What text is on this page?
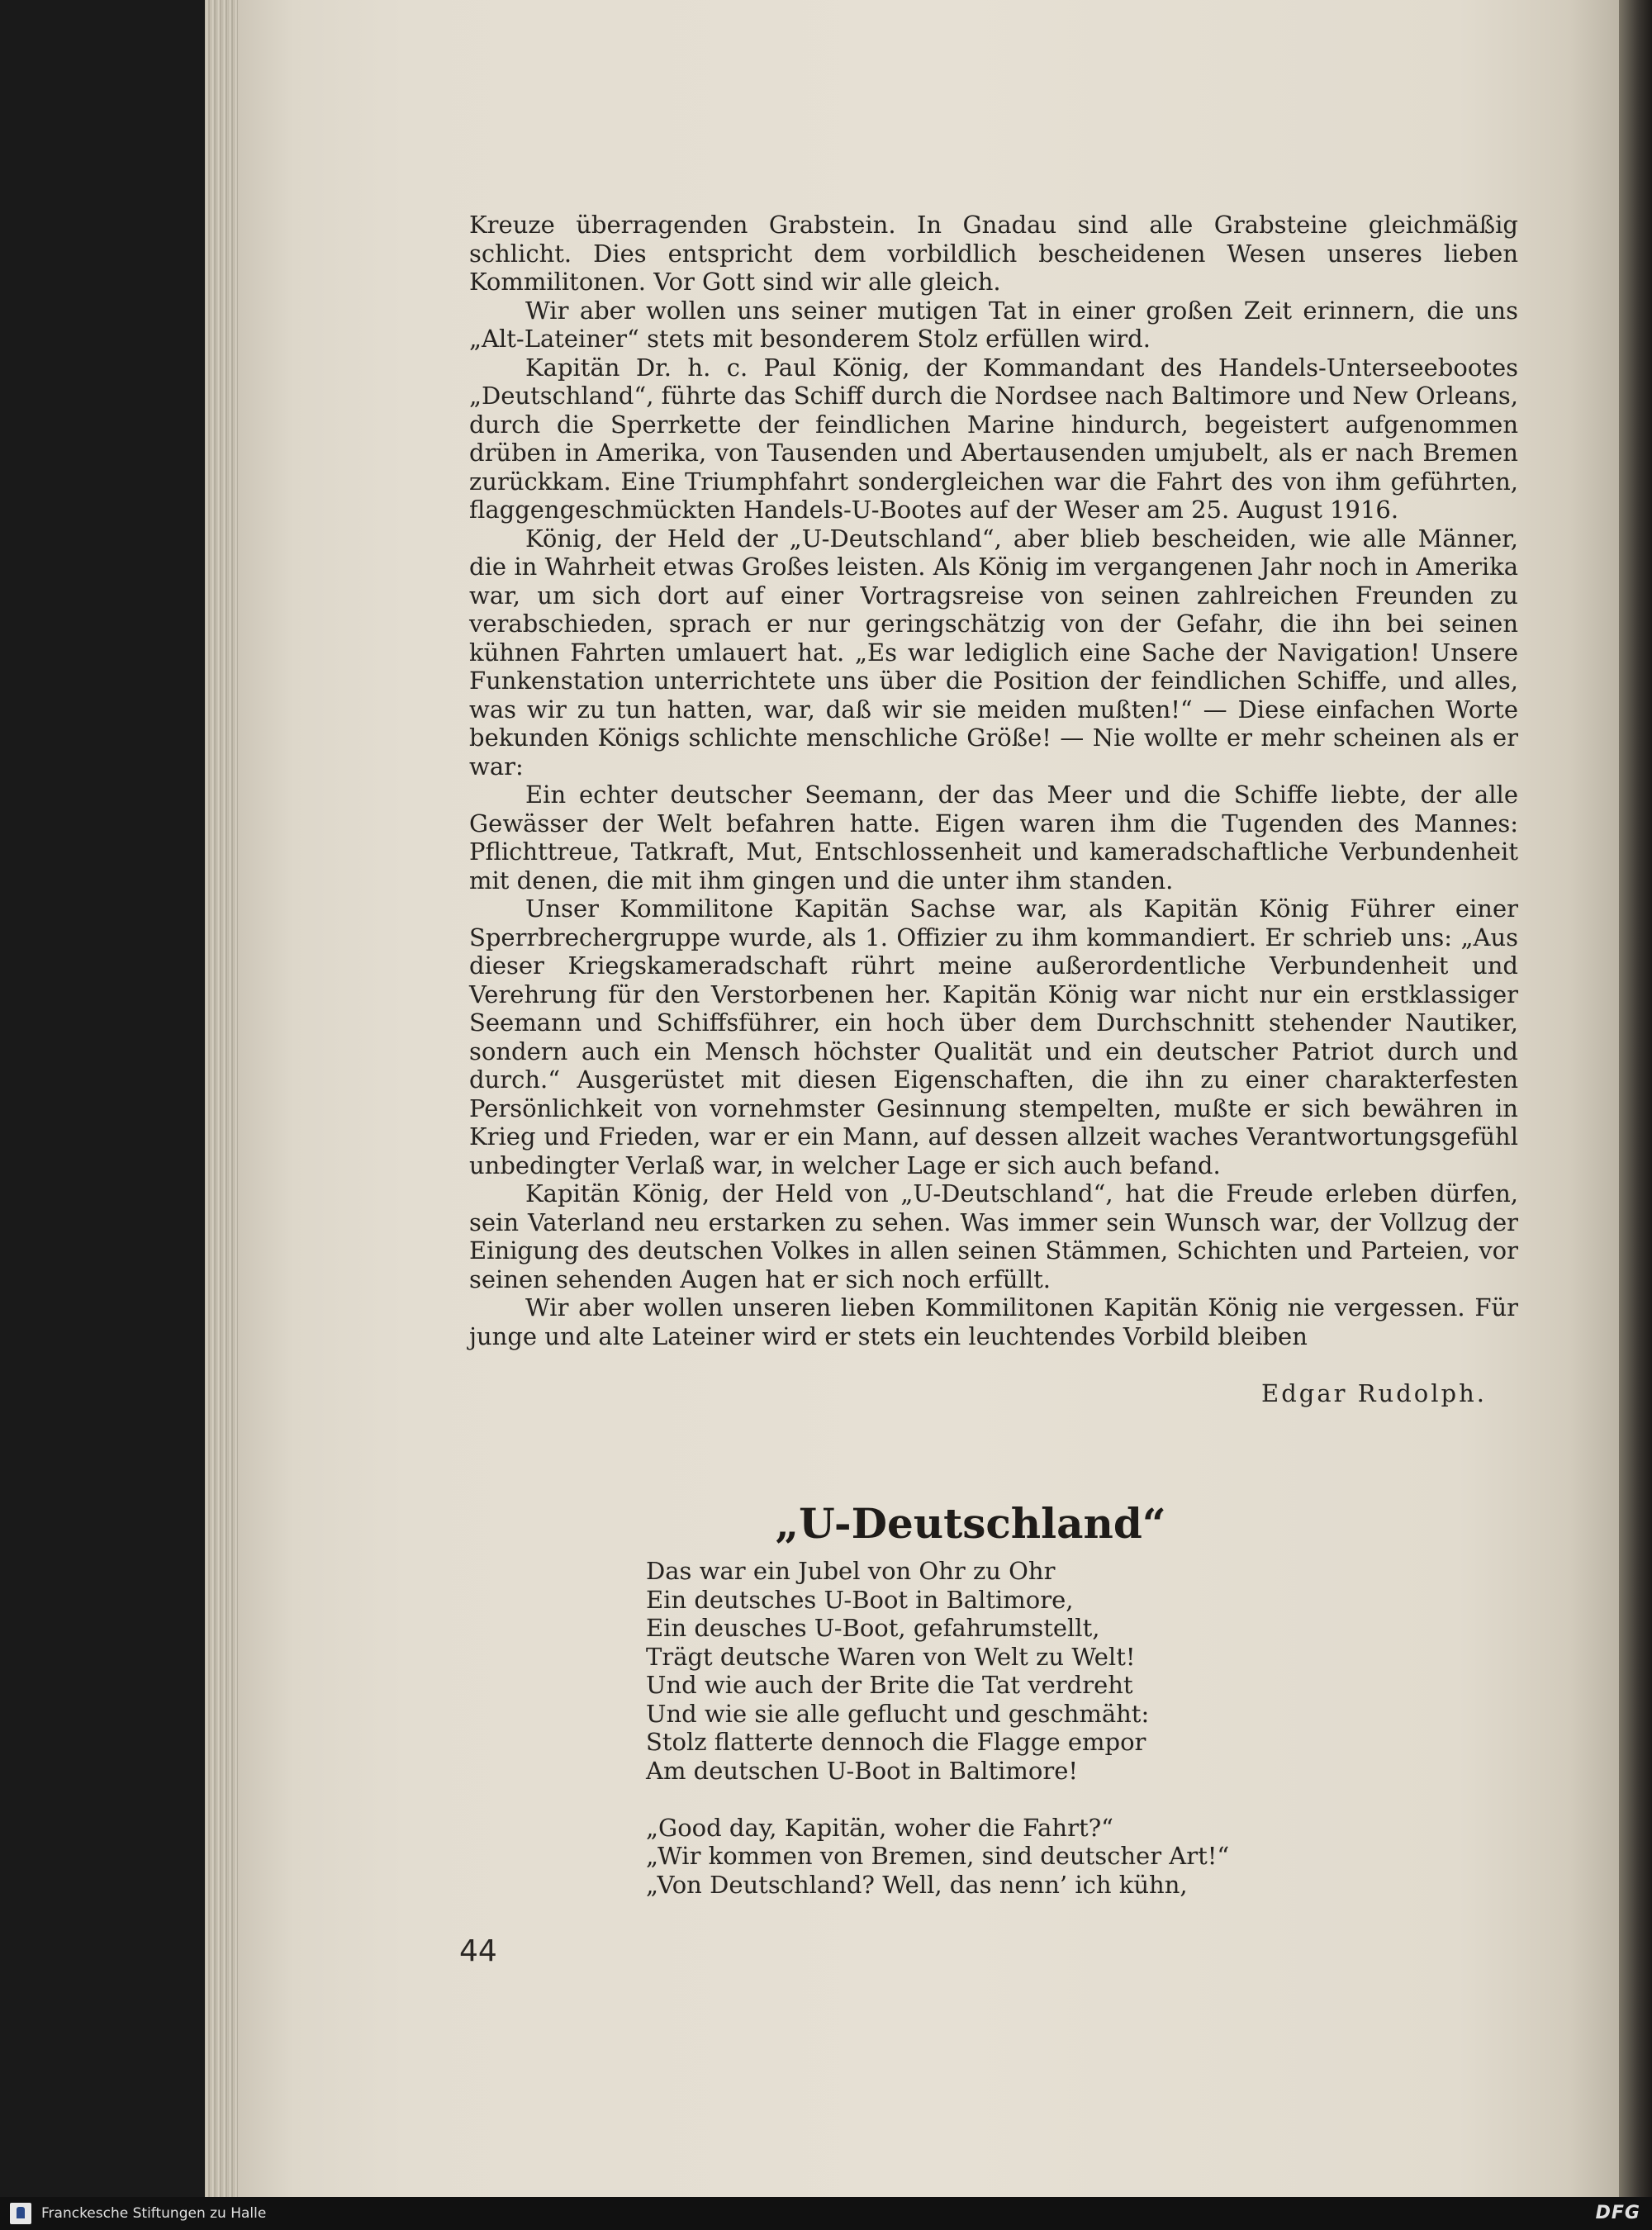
Kreuze überragenden Grabstein. In Gnadau sind alle Grabsteine gleichmäßig schlicht. Dies entspricht dem vorbildlich bescheidenen Wesen unseres lieben Kommilitonen. Vor Gott sind wir alle gleich.

Wir aber wollen uns seiner mutigen Tat in einer großen Zeit erinnern, die uns „Alt-Lateiner“ stets mit besonderem Stolz erfüllen wird.

Kapitän Dr. h. c. Paul König, der Kommandant des Handels-Unterseebootes „Deutschland“, führte das Schiff durch die Nordsee nach Baltimore und New Orleans, durch die Sperrkette der feindlichen Marine hindurch, begeistert aufgenommen drüben in Amerika, von Tausenden und Abertausenden umjubelt, als er nach Bremen zurückkam. Eine Triumphfahrt sondergleichen war die Fahrt des von ihm geführten, flaggengeschmückten Handels-U-Bootes auf der Weser am 25. August 1916.

König, der Held der „U-Deutschland“, aber blieb bescheiden, wie alle Männer, die in Wahrheit etwas Großes leisten. Als König im vergangenen Jahr noch in Amerika war, um sich dort auf einer Vortragsreise von seinen zahlreichen Freunden zu verabschieden, sprach er nur geringschätzig von der Gefahr, die ihn bei seinen kühnen Fahrten umlauert hat. „Es war lediglich eine Sache der Navigation! Unsere Funkenstation unterrichtete uns über die Position der feindlichen Schiffe, und alles, was wir zu tun hatten, war, daß wir sie meiden mußten!“ — Diese einfachen Worte bekunden Königs schlichte menschliche Größe! — Nie wollte er mehr scheinen als er war:

Ein echter deutscher Seemann, der das Meer und die Schiffe liebte, der alle Gewässer der Welt befahren hatte. Eigen waren ihm die Tugenden des Mannes: Pflichttreue, Tatkraft, Mut, Entschlossenheit und kameradschaftliche Verbundenheit mit denen, die mit ihm gingen und die unter ihm standen.

Unser Kommilitone Kapitän Sachse war, als Kapitän König Führer einer Sperrbrechergruppe wurde, als 1. Offizier zu ihm kommandiert. Er schrieb uns: „Aus dieser Kriegskameradschaft rührt meine außerordentliche Verbundenheit und Verehrung für den Verstorbenen her. Kapitän König war nicht nur ein erstklassiger Seemann und Schiffsführer, ein hoch über dem Durchschnitt stehender Nautiker, sondern auch ein Mensch höchster Qualität und ein deutscher Patriot durch und durch.“ Ausgerüstet mit diesen Eigenschaften, die ihn zu einer charakterfesten Persönlichkeit von vornehmster Gesinnung stempelten, mußte er sich bewähren in Krieg und Frieden, war er ein Mann, auf dessen allzeit waches Verantwortungsgefühl unbedingter Verlaß war, in welcher Lage er sich auch befand.

Kapitän König, der Held von „U-Deutschland“, hat die Freude erleben dürfen, sein Vaterland neu erstarken zu sehen. Was immer sein Wunsch war, der Vollzug der Einigung des deutschen Volkes in allen seinen Stämmen, Schichten und Parteien, vor seinen sehenden Augen hat er sich noch erfüllt.

Wir aber wollen unseren lieben Kommilitonen Kapitän König nie vergessen. Für junge und alte Lateiner wird er stets ein leuchtendes Vorbild bleiben

Edgar Rudolph.
„U-Deutschland“
Das war ein Jubel von Ohr zu Ohr
Ein deutsches U-Boot in Baltimore,
Ein deusches U-Boot, gefahrumstellt,
Trägt deutsche Waren von Welt zu Welt!
Und wie auch der Brite die Tat verdreht
Und wie sie alle geflucht und geschmäht:
Stolz flatterte dennoch die Flagge empor
Am deutschen U-Boot in Baltimore!
„Good day, Kapitän, woher die Fahrt?“
„Wir kommen von Bremen, sind deutscher Art!“
„Von Deutschland? Well, das nenn’ ich kühn,
44
Franckesche Stiftungen zu Halle	DFG
